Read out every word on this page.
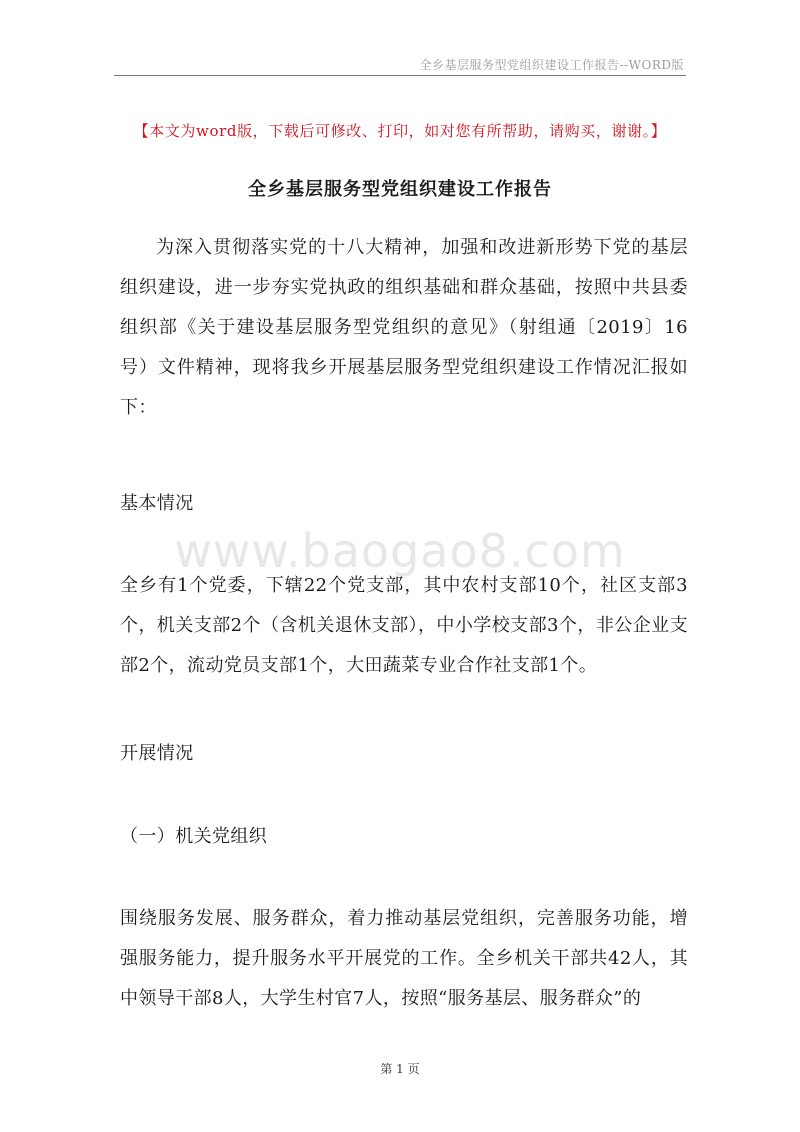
全乡基层服务型党组织建设工作报告--WORD版
【本文为word版，下载后可修改、打印，如对您有所帮助，请购买，谢谢。】
全乡基层服务型党组织建设工作报告
为深入贯彻落实党的十八大精神，加强和改进新形势下党的基层组织建设，进一步夯实党执政的组织基础和群众基础，按照中共县委组织部《关于建设基层服务型党组织的意见》（射组通〔2019〕16号）文件精神，现将我乡开展基层服务型党组织建设工作情况汇报如下：
基本情况
www.baogao8.com
全乡有1个党委，下辖22个党支部，其中农村支部10个，社区支部3个，机关支部2个（含机关退休支部），中小学校支部3个，非公企业支部2个，流动党员支部1个，大田蔬菜专业合作社支部1个。
开展情况
（一）机关党组织
围绕服务发展、服务群众，着力推动基层党组织，完善服务功能，增强服务能力，提升服务水平开展党的工作。全乡机关干部共42人，其中领导干部8人，大学生村官7人，按照“服务基层、服务群众”的
第 1 页
